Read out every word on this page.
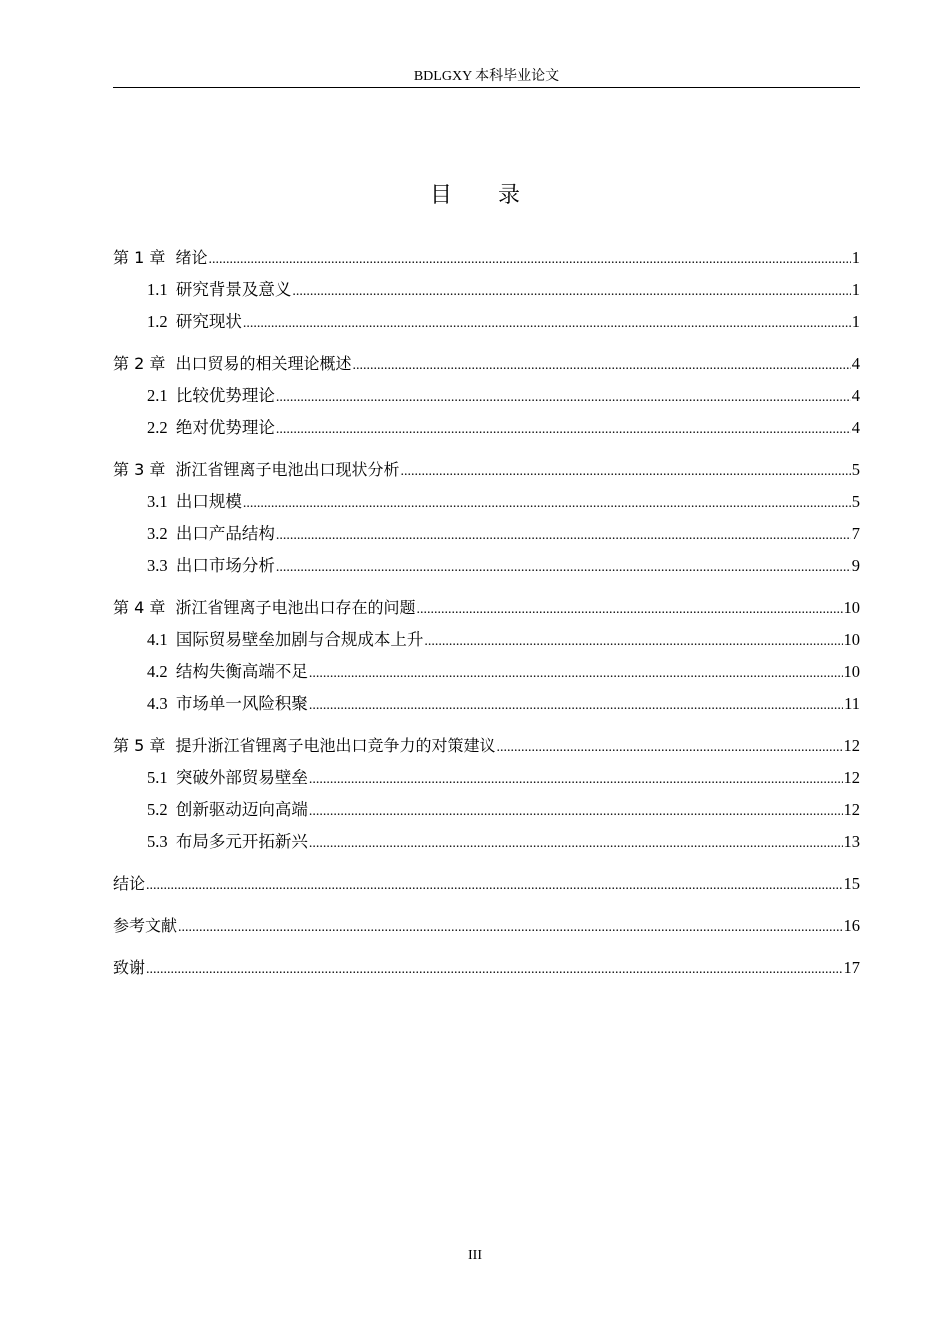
BDLGXY 本科毕业论文
目录
第 1 章 绪论 .....	1
1.1 研究背景及意义 .....	1
1.2 研究现状 .....	1
第 2 章 出口贸易的相关理论概述 .....	4
2.1 比较优势理论 .....	4
2.2 绝对优势理论 .....	4
第 3 章 浙江省锂离子电池出口现状分析 .....	5
3.1 出口规模 .....	5
3.2 出口产品结构 .....	7
3.3 出口市场分析 .....	9
第 4 章 浙江省锂离子电池出口存在的问题 .....	10
4.1 国际贸易壁垒加剧与合规成本上升 .....	10
4.2 结构失衡高端不足 .....	10
4.3 市场单一风险积聚 .....	11
第 5 章 提升浙江省锂离子电池出口竞争力的对策建议 .....	12
5.1 突破外部贸易壁垒 .....	12
5.2 创新驱动迈向高端 .....	12
5.3 布局多元开拓新兴 .....	13
结论 .....	15
参考文献 .....	16
致谢 .....	17
III
